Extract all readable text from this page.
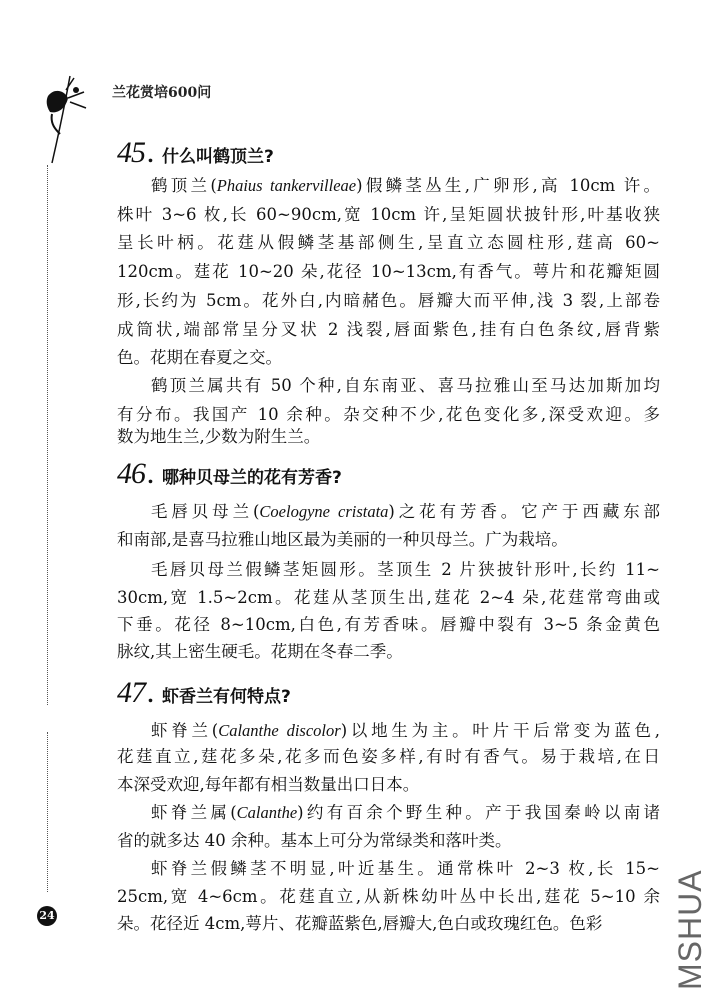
兰花赏培600问
24	MSHUA
45 . 什么叫鹤顶兰?
鹤顶兰(Phaius tankervilleae)假鳞茎丛生,广卵形,高 10cm 许。
株叶 3~6 枚,长 60~90cm,宽 10cm 许,呈矩圆状披针形,叶基收狭
呈长叶柄。花莛从假鳞茎基部侧生,呈直立态圆柱形,莛高 60~
120cm。莛花 10~20 朵,花径 10~13cm,有香气。萼片和花瓣矩圆
形,长约为 5cm。花外白,内暗赭色。唇瓣大而平伸,浅 3 裂,上部卷
成筒状,端部常呈分叉状 2 浅裂,唇面紫色,挂有白色条纹,唇背紫
色。花期在春夏之交。
鹤顶兰属共有 50 个种,自东南亚、喜马拉雅山至马达加斯加均
有分布。我国产 10 余种。杂交种不少,花色变化多,深受欢迎。多
数为地生兰,少数为附生兰。
46 . 哪种贝母兰的花有芳香?
毛唇贝母兰(Coelogyne cristata)之花有芳香。它产于西藏东部
和南部,是喜马拉雅山地区最为美丽的一种贝母兰。广为栽培。
毛唇贝母兰假鳞茎矩圆形。茎顶生 2 片狭披针形叶,长约 11~
30cm,宽 1.5~2cm。花莛从茎顶生出,莛花 2~4 朵,花莛常弯曲或
下垂。花径 8~10cm,白色,有芳香味。唇瓣中裂有 3~5 条金黄色
脉纹,其上密生硬毛。花期在冬春二季。
47 . 虾香兰有何特点?
虾脊兰(Calanthe discolor)以地生为主。叶片干后常变为蓝色,
花莛直立,莛花多朵,花多而色姿多样,有时有香气。易于栽培,在日
本深受欢迎,每年都有相当数量出口日本。
虾脊兰属(Calanthe)约有百余个野生种。产于我国秦岭以南诸
省的就多达 40 余种。基本上可分为常绿类和落叶类。
虾脊兰假鳞茎不明显,叶近基生。通常株叶 2~3 枚,长 15~
25cm,宽 4~6cm。花莛直立,从新株幼叶丛中长出,莛花 5~10 余
朵。花径近 4cm,萼片、花瓣蓝紫色,唇瓣大,色白或玫瑰红色。色彩
